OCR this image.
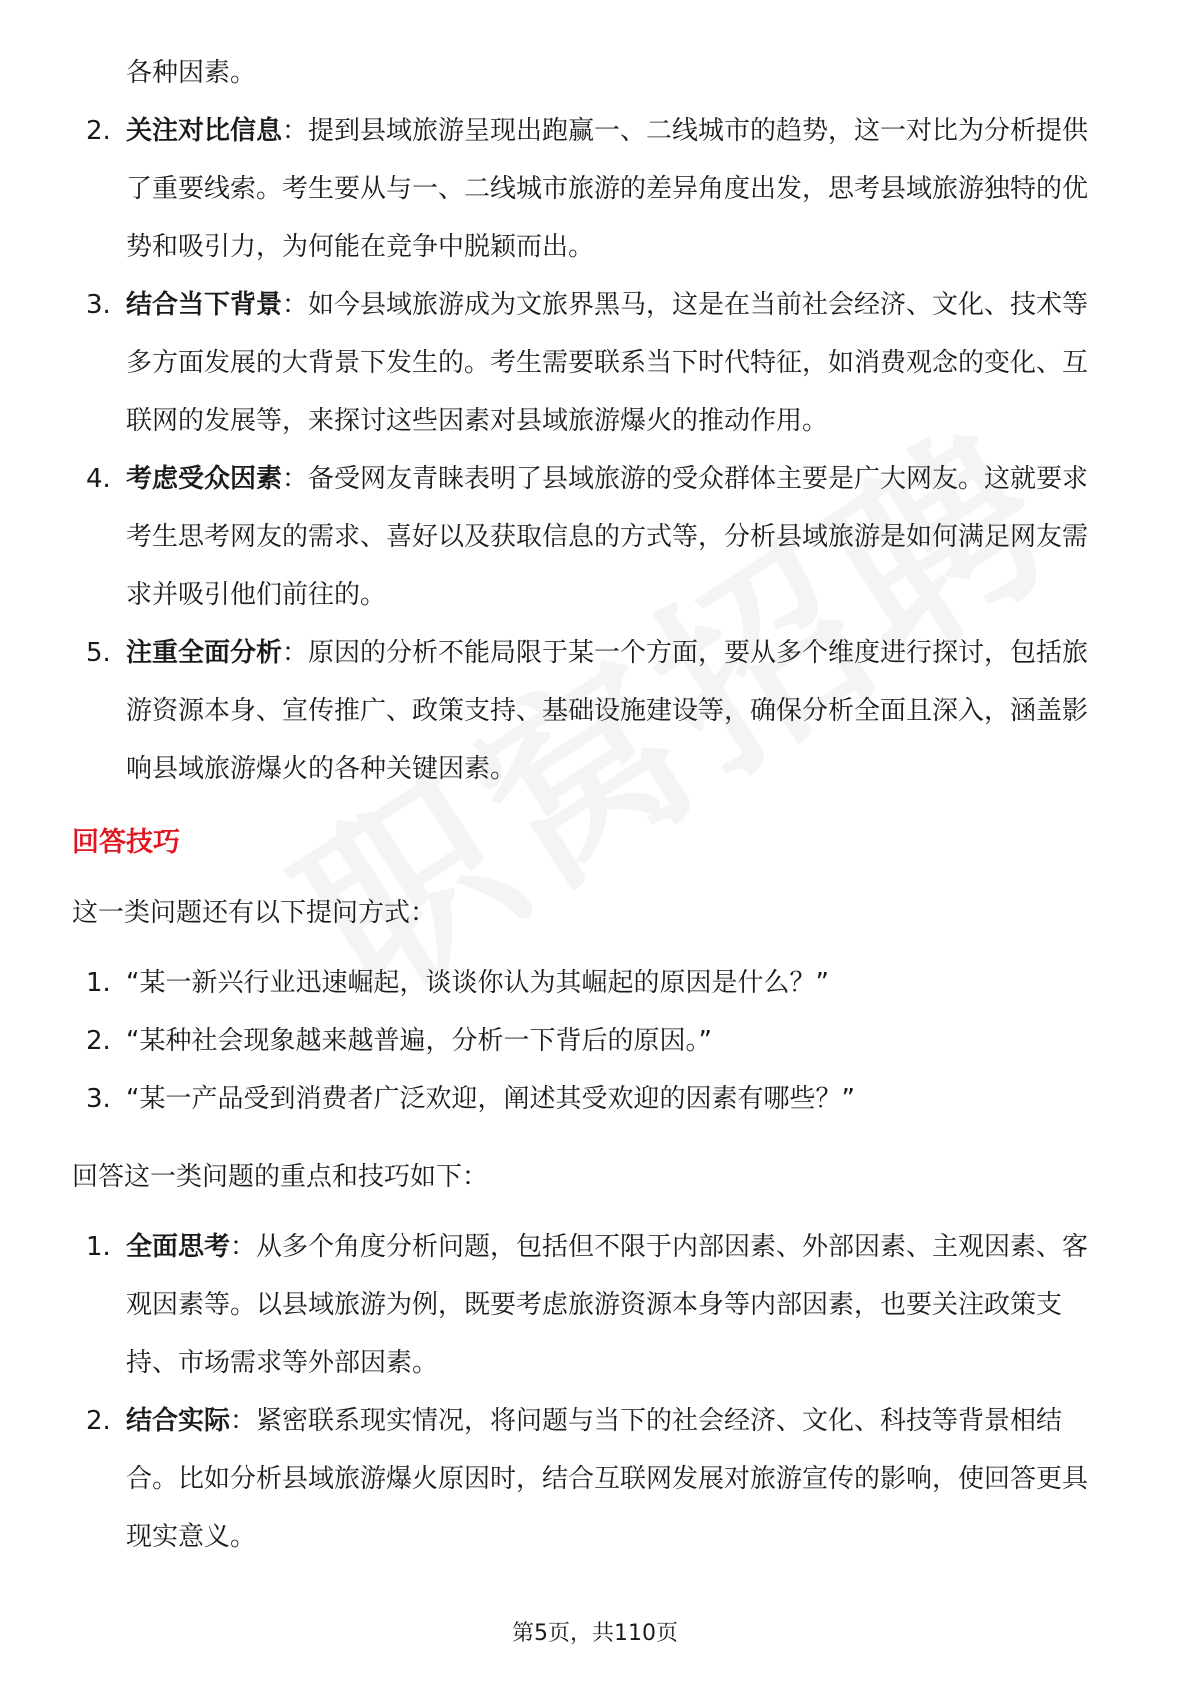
各种因素。

2. 关注对比信息：提到县域旅游呈现出跑赢一、二线城市的趋势，这一对比为分析提供了重要线索。考生要从与一、二线城市旅游的差异角度出发，思考县域旅游独特的优势和吸引力，为何能在竞争中脱颖而出。
3. 结合当下背景：如今县域旅游成为文旅界黑马，这是在当前社会经济、文化、技术等多方面发展的大背景下发生的。考生需要联系当下时代特征，如消费观念的变化、互联网的发展等，来探讨这些因素对县域旅游爆火的推动作用。
4. 考虑受众因素：备受网友青睐表明了县域旅游的受众群体主要是广大网友。这就要求考生思考网友的需求、喜好以及获取信息的方式等，分析县域旅游是如何满足网友需求并吸引他们前往的。
5. 注重全面分析：原因的分析不能局限于某一个方面，要从多个维度进行探讨，包括旅游资源本身、宣传推广、政策支持、基础设施建设等，确保分析全面且深入，涵盖影响县域旅游爆火的各种关键因素。
回答技巧

这一类问题还有以下提问方式：

1. “某一新兴行业迅速崛起，谈谈你认为其崛起的原因是什么？”
2. “某种社会现象越来越普遍，分析一下背后的原因。”
3. “某一产品受到消费者广泛欢迎，阐述其受欢迎的因素有哪些？”

回答这一类问题的重点和技巧如下：

1. 全面思考：从多个角度分析问题，包括但不限于内部因素、外部因素、主观因素、客观因素等。以县域旅游为例，既要考虑旅游资源本身等内部因素，也要关注政策支持、市场需求等外部因素。
2. 结合实际：紧密联系现实情况，将问题与当下的社会经济、文化、科技等背景相结合。比如分析县域旅游爆火原因时，结合互联网发展对旅游宣传的影响，使回答更具现实意义。
第5页，共110页
